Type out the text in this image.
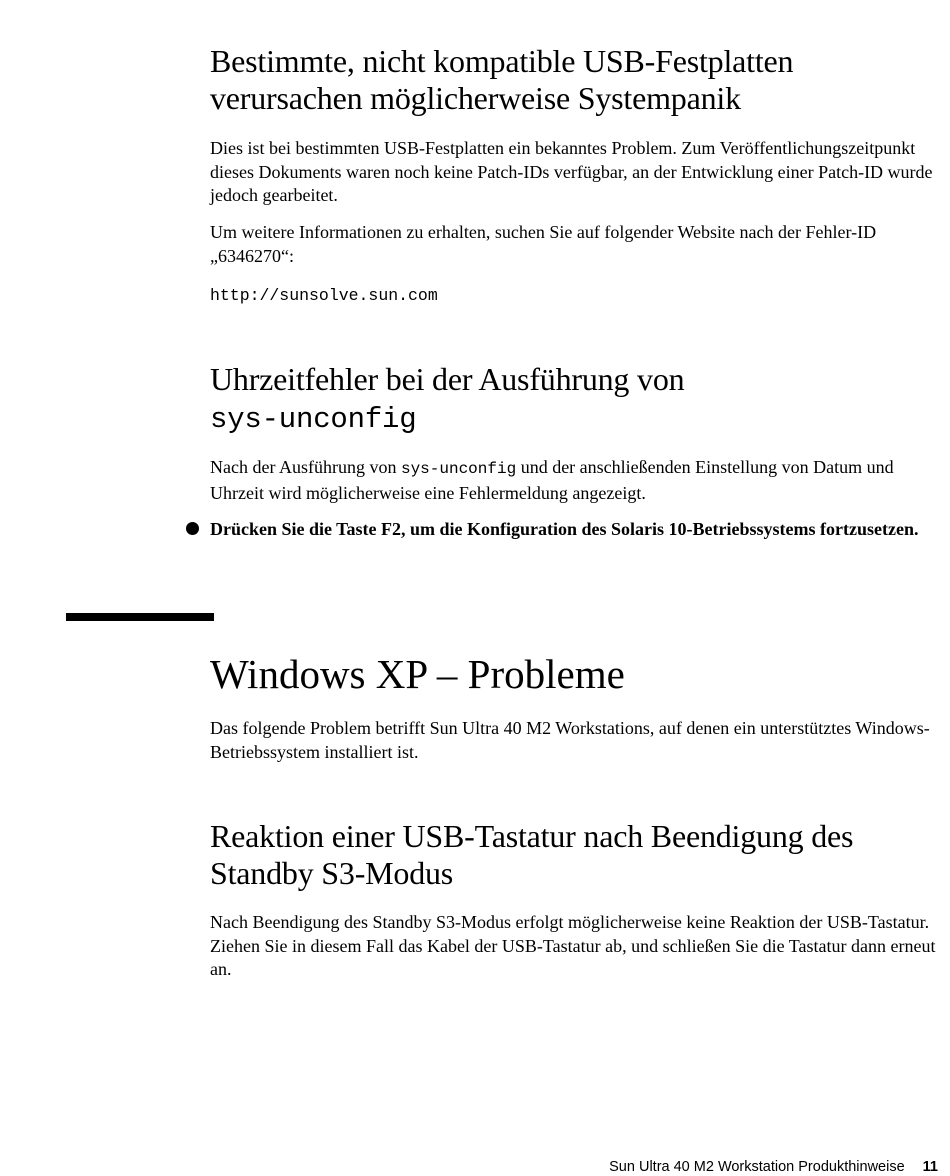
Bestimmte, nicht kompatible USB-Festplatten verursachen möglicherweise Systempanik

Dies ist bei bestimmten USB-Festplatten ein bekanntes Problem. Zum Veröffentlichungszeitpunkt dieses Dokuments waren noch keine Patch-IDs verfügbar, an der Entwicklung einer Patch-ID wurde jedoch gearbeitet.

Um weitere Informationen zu erhalten, suchen Sie auf folgender Website nach der Fehler-ID „6346270“:

http://sunsolve.sun.com

Uhrzeitfehler bei der Ausführung von
sys-unconfig

Nach der Ausführung von sys-unconfig und der anschließenden Einstellung von Datum und Uhrzeit wird möglicherweise eine Fehlermeldung angezeigt.

Drücken Sie die Taste F2, um die Konfiguration des Solaris 10-Betriebssystems fortzusetzen.

Windows XP – Probleme

Das folgende Problem betrifft Sun Ultra 40 M2 Workstations, auf denen ein unterstütztes Windows-Betriebssystem installiert ist.

Reaktion einer USB-Tastatur nach Beendigung des Standby S3-Modus

Nach Beendigung des Standby S3-Modus erfolgt möglicherweise keine Reaktion der USB-Tastatur. Ziehen Sie in diesem Fall das Kabel der USB-Tastatur ab, und schließen Sie die Tastatur dann erneut an.

Sun Ultra 40 M2 Workstation Produkthinweise 11
